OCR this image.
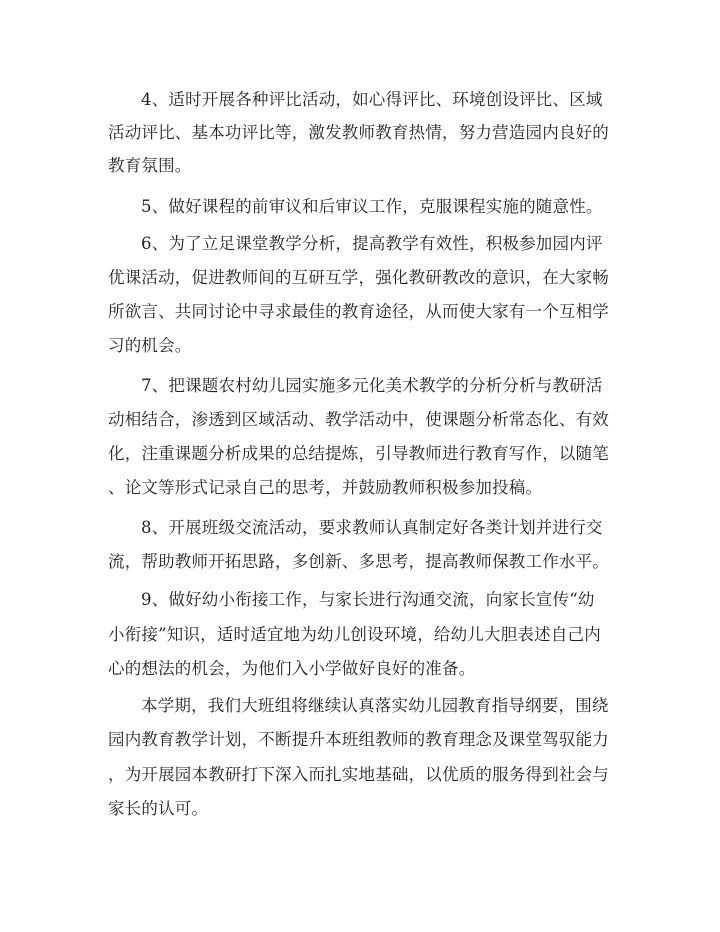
4、适时开展各种评比活动，如心得评比、环境创设评比、区域
活动评比、基本功评比等，激发教师教育热情，努力营造园内良好的
教育氛围。
5、做好课程的前审议和后审议工作，克服课程实施的随意性。
6、为了立足课堂教学分析，提高教学有效性，积极参加园内评
优课活动，促进教师间的互研互学，强化教研教改的意识，在大家畅
所欲言、共同讨论中寻求最佳的教育途径，从而使大家有一个互相学
习的机会。
7、把课题农村幼儿园实施多元化美术教学的分析分析与教研活
动相结合，渗透到区域活动、教学活动中，使课题分析常态化、有效
化，注重课题分析成果的总结提炼，引导教师进行教育写作，以随笔
、论文等形式记录自己的思考，并鼓励教师积极参加投稿。
8、开展班级交流活动，要求教师认真制定好各类计划并进行交
流，帮助教师开拓思路，多创新、多思考，提高教师保教工作水平。
9、做好幼小衔接工作，与家长进行沟通交流，向家长宣传“幼
小衔接”知识，适时适宜地为幼儿创设环境，给幼儿大胆表述自己内
心的想法的机会，为他们入小学做好良好的准备。
本学期，我们大班组将继续认真落实幼儿园教育指导纲要，围绕
园内教育教学计划，不断提升本班组教师的教育理念及课堂驾驭能力
，为开展园本教研打下深入而扎实地基础，以优质的服务得到社会与
家长的认可。
